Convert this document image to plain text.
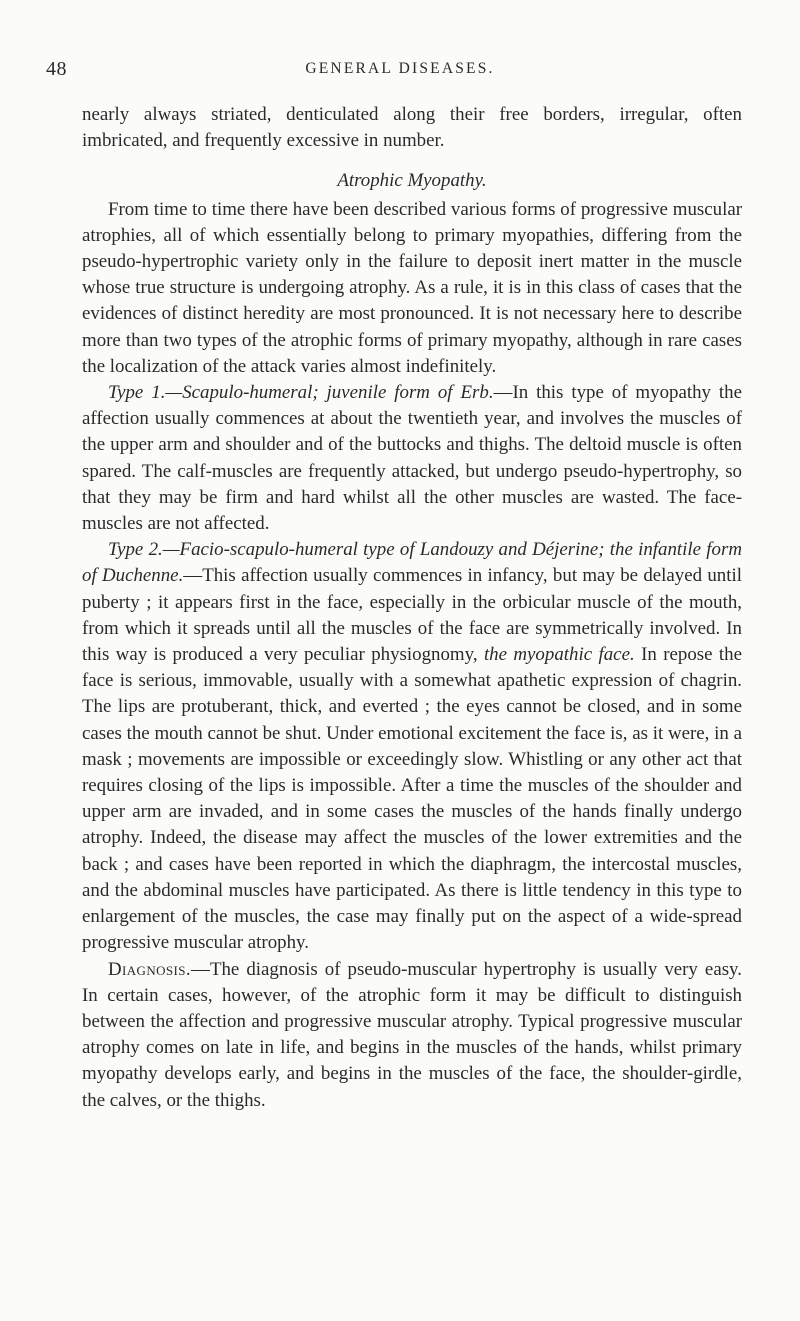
48	GENERAL DISEASES.

nearly always striated, denticulated along their free borders, irregular, often imbricated, and frequently excessive in number.

Atrophic Myopathy.

From time to time there have been described various forms of progressive muscular atrophies, all of which essentially belong to primary myopathies, differing from the pseudo-hypertrophic variety only in the failure to deposit inert matter in the muscle whose true structure is undergoing atrophy. As a rule, it is in this class of cases that the evidences of distinct heredity are most pronounced. It is not necessary here to describe more than two types of the atrophic forms of primary myopathy, although in rare cases the localization of the attack varies almost indefinitely.

Type 1.—Scapulo-humeral; juvenile form of Erb.—In this type of myopathy the affection usually commences at about the twentieth year, and involves the muscles of the upper arm and shoulder and of the buttocks and thighs. The deltoid muscle is often spared. The calf-muscles are frequently attacked, but undergo pseudo-hypertrophy, so that they may be firm and hard whilst all the other muscles are wasted. The face-muscles are not affected.

Type 2.—Facio-scapulo-humeral type of Landouzy and Déjerine; the infantile form of Duchenne.—This affection usually commences in infancy, but may be delayed until puberty ; it appears first in the face, especially in the orbicular muscle of the mouth, from which it spreads until all the muscles of the face are symmetrically involved. In this way is produced a very peculiar physiognomy, the myopathic face. In repose the face is serious, immovable, usually with a somewhat apathetic expression of chagrin. The lips are protuberant, thick, and everted ; the eyes cannot be closed, and in some cases the mouth cannot be shut. Under emotional excitement the face is, as it were, in a mask ; movements are impossible or exceedingly slow. Whistling or any other act that requires closing of the lips is impossible. After a time the muscles of the shoulder and upper arm are invaded, and in some cases the muscles of the hands finally undergo atrophy. Indeed, the disease may affect the muscles of the lower extremities and the back ; and cases have been reported in which the diaphragm, the intercostal muscles, and the abdominal muscles have participated. As there is little tendency in this type to enlargement of the muscles, the case may finally put on the aspect of a wide-spread progressive muscular atrophy.

Diagnosis.—The diagnosis of pseudo-muscular hypertrophy is usually very easy. In certain cases, however, of the atrophic form it may be difficult to distinguish between the affection and progressive muscular atrophy. Typical progressive muscular atrophy comes on late in life, and begins in the muscles of the hands, whilst primary myopathy develops early, and begins in the muscles of the face, the shoulder-girdle, the calves, or the thighs.
